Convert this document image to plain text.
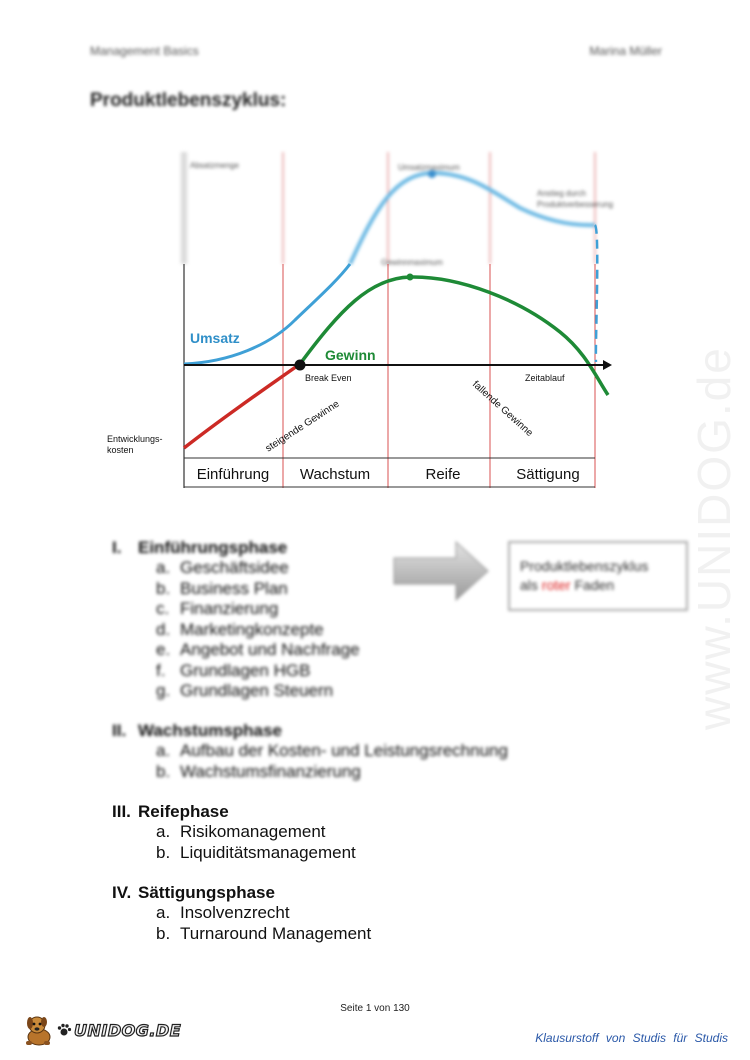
Management Basics	Marina Müller
Produktlebenszyklus:
Absatzmenge	Umsatzmaximum
Anstieg durch
Produktverbesserung
Gewinnmaximum
Umsatz
Gewinn
Break Even	Zeitablauf
Entwicklungs-
kosten	steigende Gewinne	fallende Gewinne
Einführung Wachstum	Reife	Sättigung
I. Einführungsphase
a. Geschäftsidee
b. Business Plan
c. Finanzierung
d. Marketingkonzepte
e. Angebot und Nachfrage
f. Grundlagen HGB
g. Grundlagen Steuern
Produktlebenszyklus
als roter Faden
II. Wachstumsphase
a. Aufbau der Kosten- und Leistungsrechnung
b. Wachstumsfinanzierung
III. Reifephase
a. Risikomanagement
b. Liquiditätsmanagement
IV. Sättigungsphase
a. Insolvenzrecht
b. Turnaround Management
www.UNIDOG.de
Seite 1 von 130
UNIDOG.DE	Klausurstoff von Studis für Studis
